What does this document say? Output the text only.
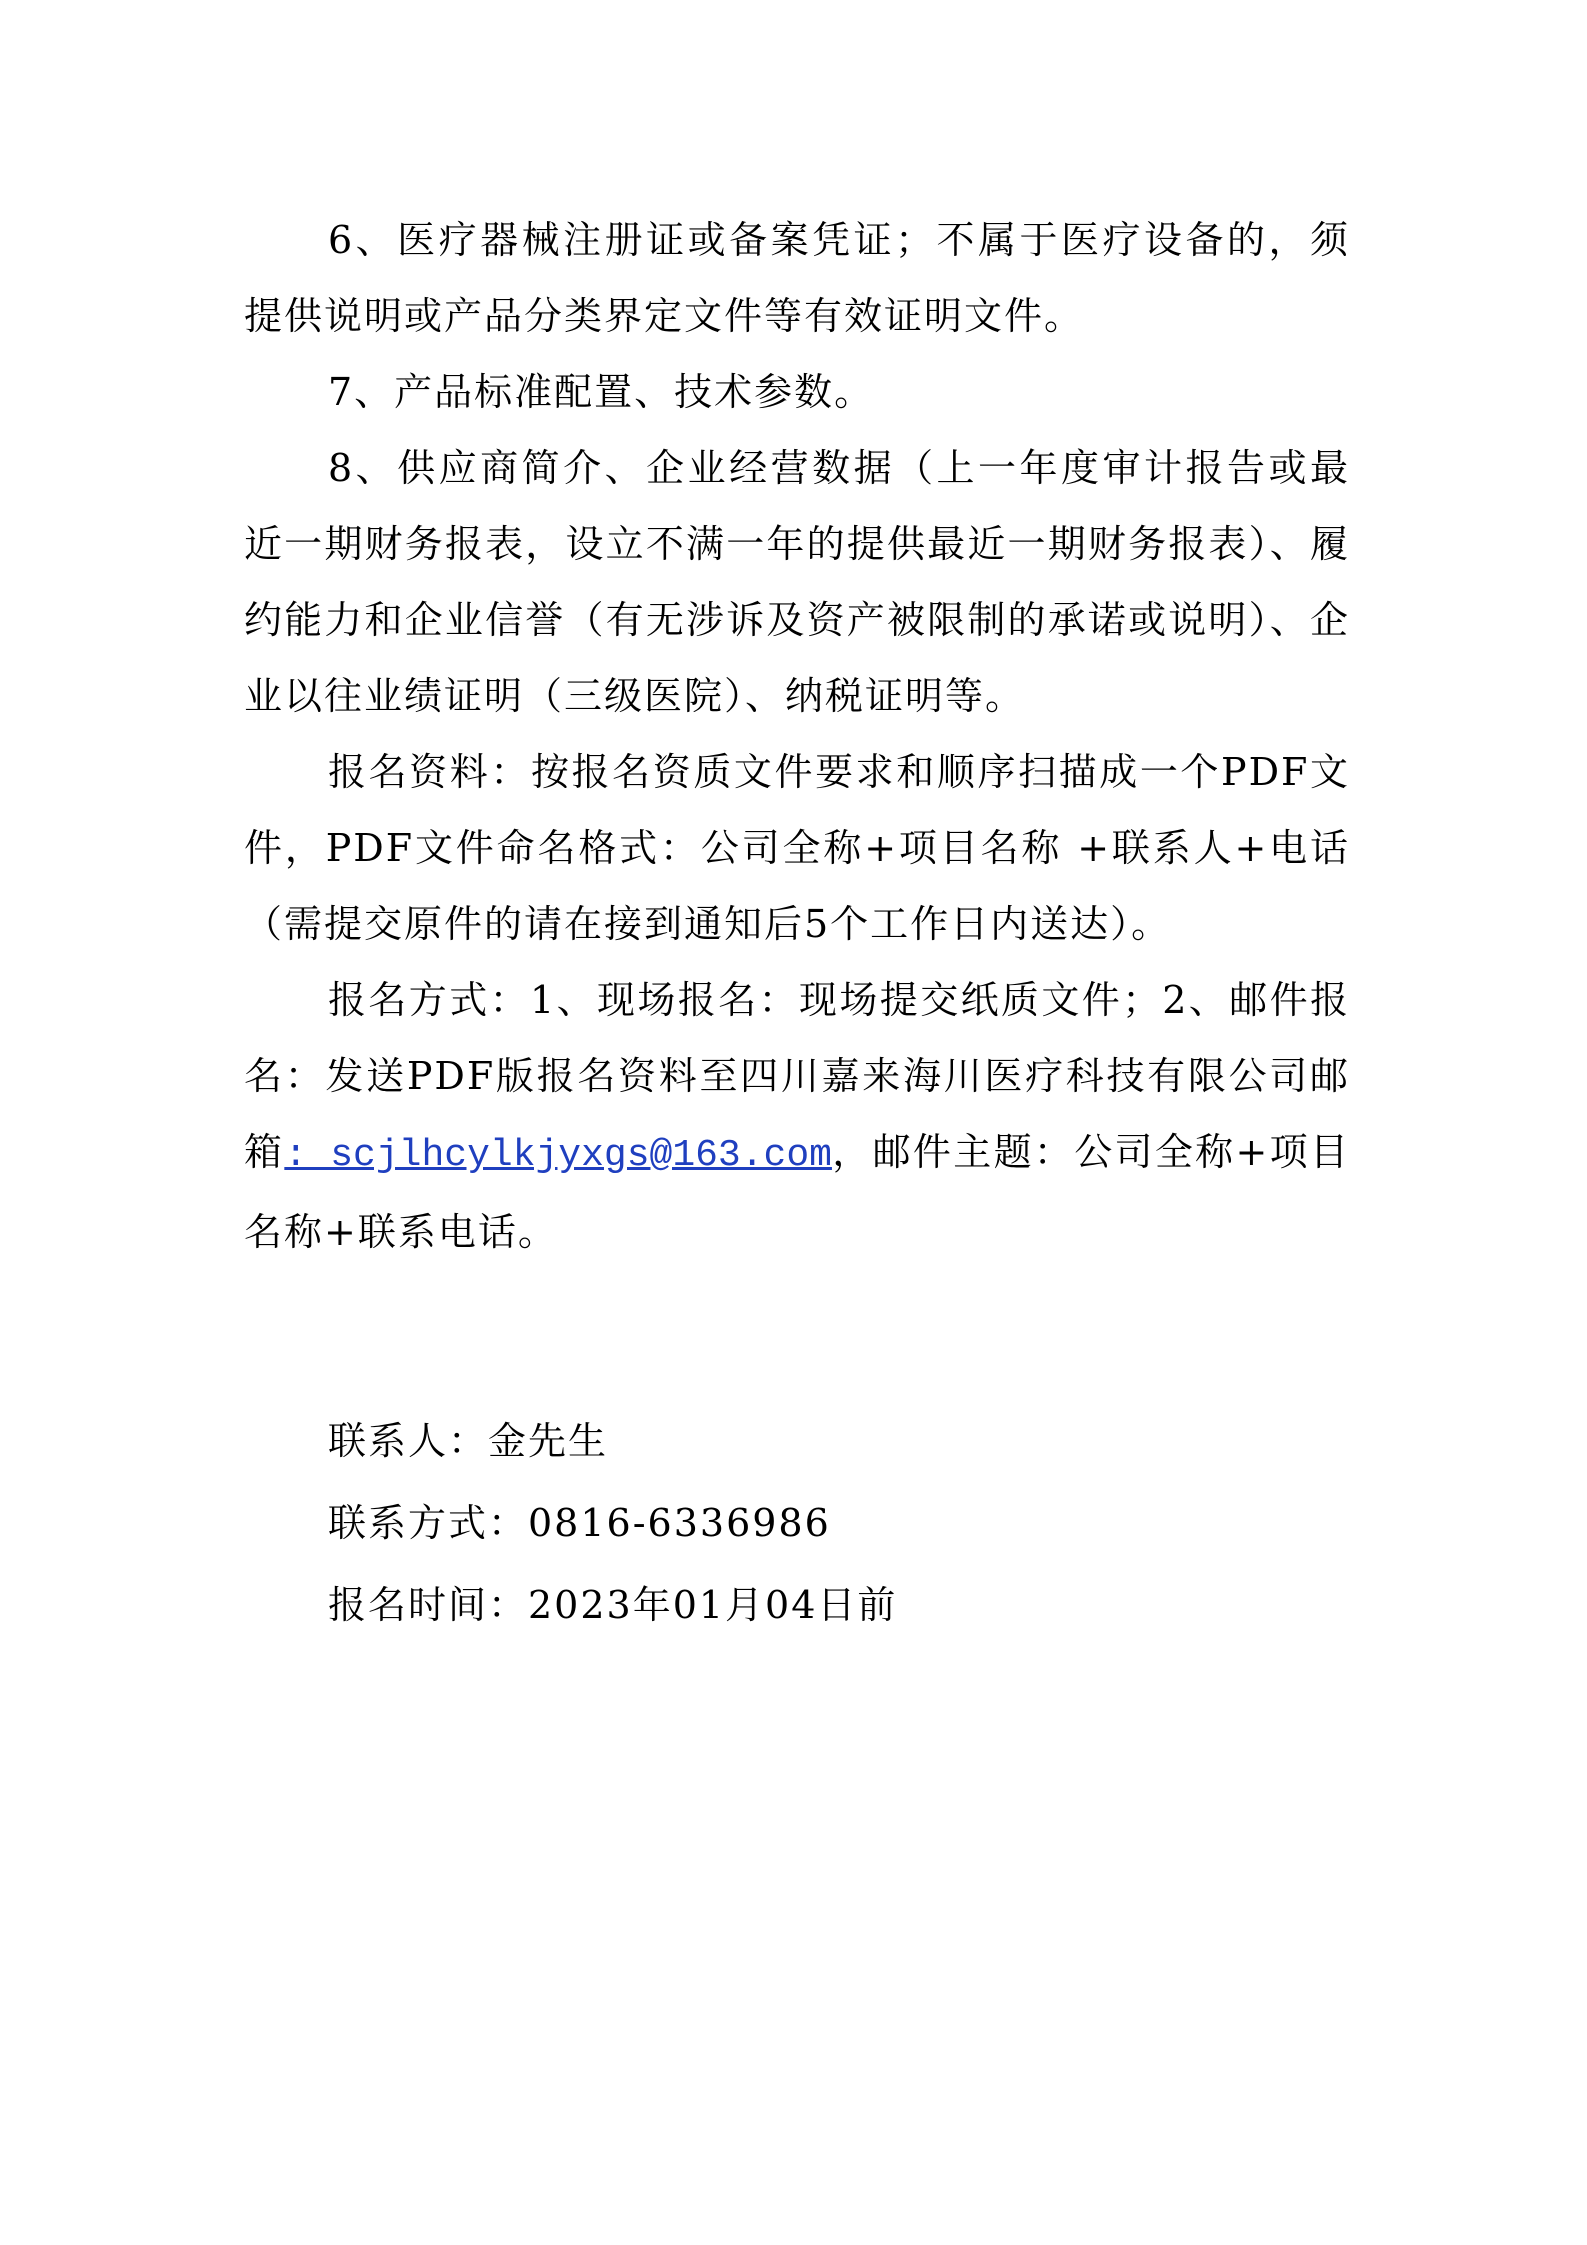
6、医疗器械注册证或备案凭证；不属于医疗设备的，须提供说明或产品分类界定文件等有效证明文件。

7、产品标准配置、技术参数。

8、供应商简介、企业经营数据（上一年度审计报告或最近一期财务报表，设立不满一年的提供最近一期财务报表）、履约能力和企业信誉（有无涉诉及资产被限制的承诺或说明）、企业以往业绩证明（三级医院）、纳税证明等。

报名资料：按报名资质文件要求和顺序扫描成一个PDF文件，PDF文件命名格式：公司全称+项目名称 +联系人+电话（需提交原件的请在接到通知后5个工作日内送达）。

报名方式：1、现场报名：现场提交纸质文件；2、邮件报名：发送PDF版报名资料至四川嘉来海川医疗科技有限公司邮箱: scjlhcylkjyxgs@163.com，邮件主题：公司全称+项目名称+联系电话。

联系人：金先生

联系方式：0816-6336986

报名时间：2023年01月04日前
